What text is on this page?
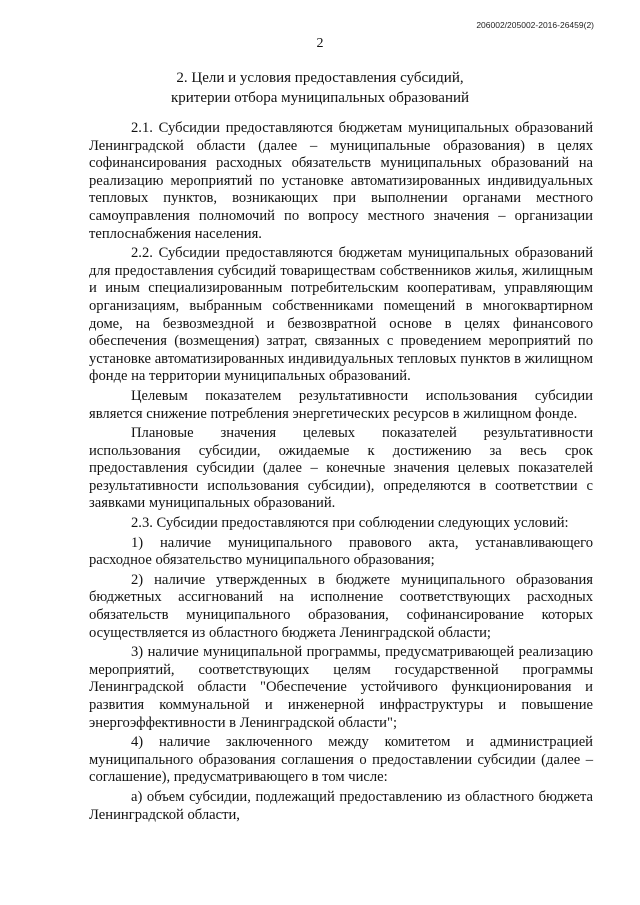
206002/205002-2016-26459(2)
2
2. Цели и условия предоставления субсидий,
критерии отбора муниципальных образований

2.1. Субсидии предоставляются бюджетам муниципальных образований Ленинградской области (далее – муниципальные образования) в целях софинансирования расходных обязательств муниципальных образований на реализацию мероприятий по установке автоматизированных индивидуальных тепловых пунктов, возникающих при выполнении органами местного самоуправления полномочий по вопросу местного значения – организации теплоснабжения населения.

2.2. Субсидии предоставляются бюджетам муниципальных образований для предоставления субсидий товариществам собственников жилья, жилищным и иным специализированным потребительским кооперативам, управляющим организациям, выбранным собственниками помещений в многоквартирном доме, на безвозмездной и безвозвратной основе в целях финансового обеспечения (возмещения) затрат, связанных с проведением мероприятий по установке автоматизированных индивидуальных тепловых пунктов в жилищном фонде на территории муниципальных образований.

Целевым показателем результативности использования субсидии является снижение потребления энергетических ресурсов в жилищном фонде.

Плановые значения целевых показателей результативности использования субсидии, ожидаемые к достижению за весь срок предоставления субсидии (далее – конечные значения целевых показателей результативности использования субсидии), определяются в соответствии с заявками муниципальных образований.

2.3. Субсидии предоставляются при соблюдении следующих условий:

1) наличие муниципального правового акта, устанавливающего расходное обязательство муниципального образования;

2) наличие утвержденных в бюджете муниципального образования бюджетных ассигнований на исполнение соответствующих расходных обязательств муниципального образования, софинансирование которых осуществляется из областного бюджета Ленинградской области;

3) наличие муниципальной программы, предусматривающей реализацию мероприятий, соответствующих целям государственной программы Ленинградской области "Обеспечение устойчивого функционирования и развития коммунальной и инженерной инфраструктуры и повышение энергоэффективности в Ленинградской области";

4) наличие заключенного между комитетом и администрацией муниципального образования соглашения о предоставлении субсидии (далее – соглашение), предусматривающего в том числе:

а) объем субсидии, подлежащий предоставлению из областного бюджета Ленинградской области,
